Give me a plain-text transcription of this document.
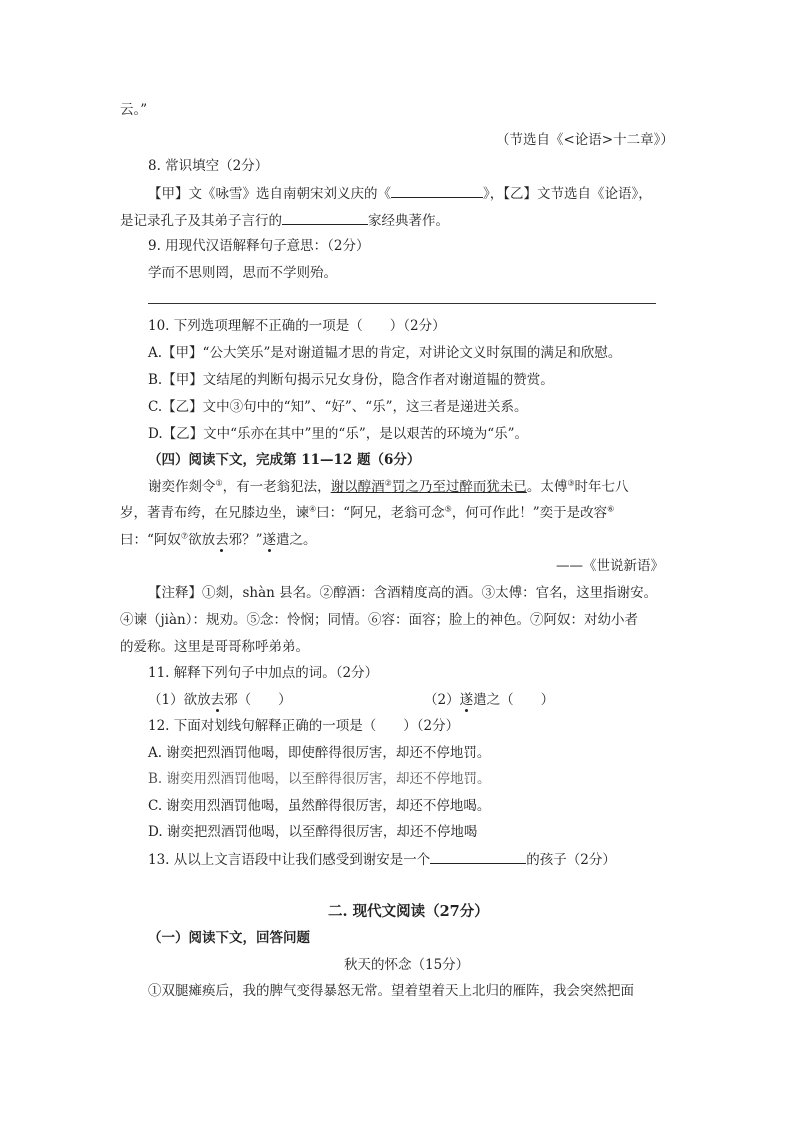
云。”
（节选自《<论语>十二章》）
8. 常识填空（2分）
【甲】文《咏雪》选自南朝宋刘义庆的《	》，【乙】文节选自《论语》，
是记录孔子及其弟子言行的	家经典著作。
9. 用现代汉语解释句子意思：（2分）
学而不思则罔，思而不学则殆。
10. 下列选项理解不正确的一项是（　　）（2分）
A.【甲】“公大笑乐”是对谢道韫才思的肯定，对讲论文义时氛围的满足和欣慰。
B.【甲】文结尾的判断句揭示兄女身份，隐含作者对谢道韫的赞赏。
C.【乙】文中③句中的“知”、“好”、“乐”，这三者是递进关系。
D.【乙】文中“乐亦在其中”里的“乐”，是以艰苦的环境为“乐”。
（四）阅读下文，完成第 11—12 题（6分）
谢奕作剡令①，有一老翁犯法，谢以醇酒②罚之乃至过醉而犹未已。太傅③时年七八
岁，著青布绔，在兄膝边坐，谏④曰：“阿兄，老翁可念⑤，何可作此！”奕于是改容⑥
曰：“阿奴⑦欲放去邪？”遂遣之。
——《世说新语》
【注释】①剡，shàn 县名。②醇酒：含酒精度高的酒。③太傅：官名，这里指谢安。
④谏（jiàn）：规劝。⑤念：怜悯；同情。⑥容：面容；脸上的神色。⑦阿奴：对幼小者
的爱称。这里是哥哥称呼弟弟。
11. 解释下列句子中加点的词。（2分）
（1）欲放去邪（　　）	（2）遂遣之（　　）
12. 下面对划线句解释正确的一项是（　　）（2分）
A. 谢奕把烈酒罚他喝，即使醉得很厉害，却还不停地罚。
B. 谢奕用烈酒罚他喝，以至醉得很厉害，却还不停地罚。
C. 谢奕用烈酒罚他喝，虽然醉得很厉害，却还不停地喝。
D. 谢奕把烈酒罚他喝，以至醉得很厉害，却还不停地喝
13. 从以上文言语段中让我们感受到谢安是一个	的孩子（2分）
二. 现代文阅读（27分）
（一）阅读下文，回答问题
秋天的怀念（15分）
①双腿瘫痪后，我的脾气变得暴怒无常。望着望着天上北归的雁阵，我会突然把面
